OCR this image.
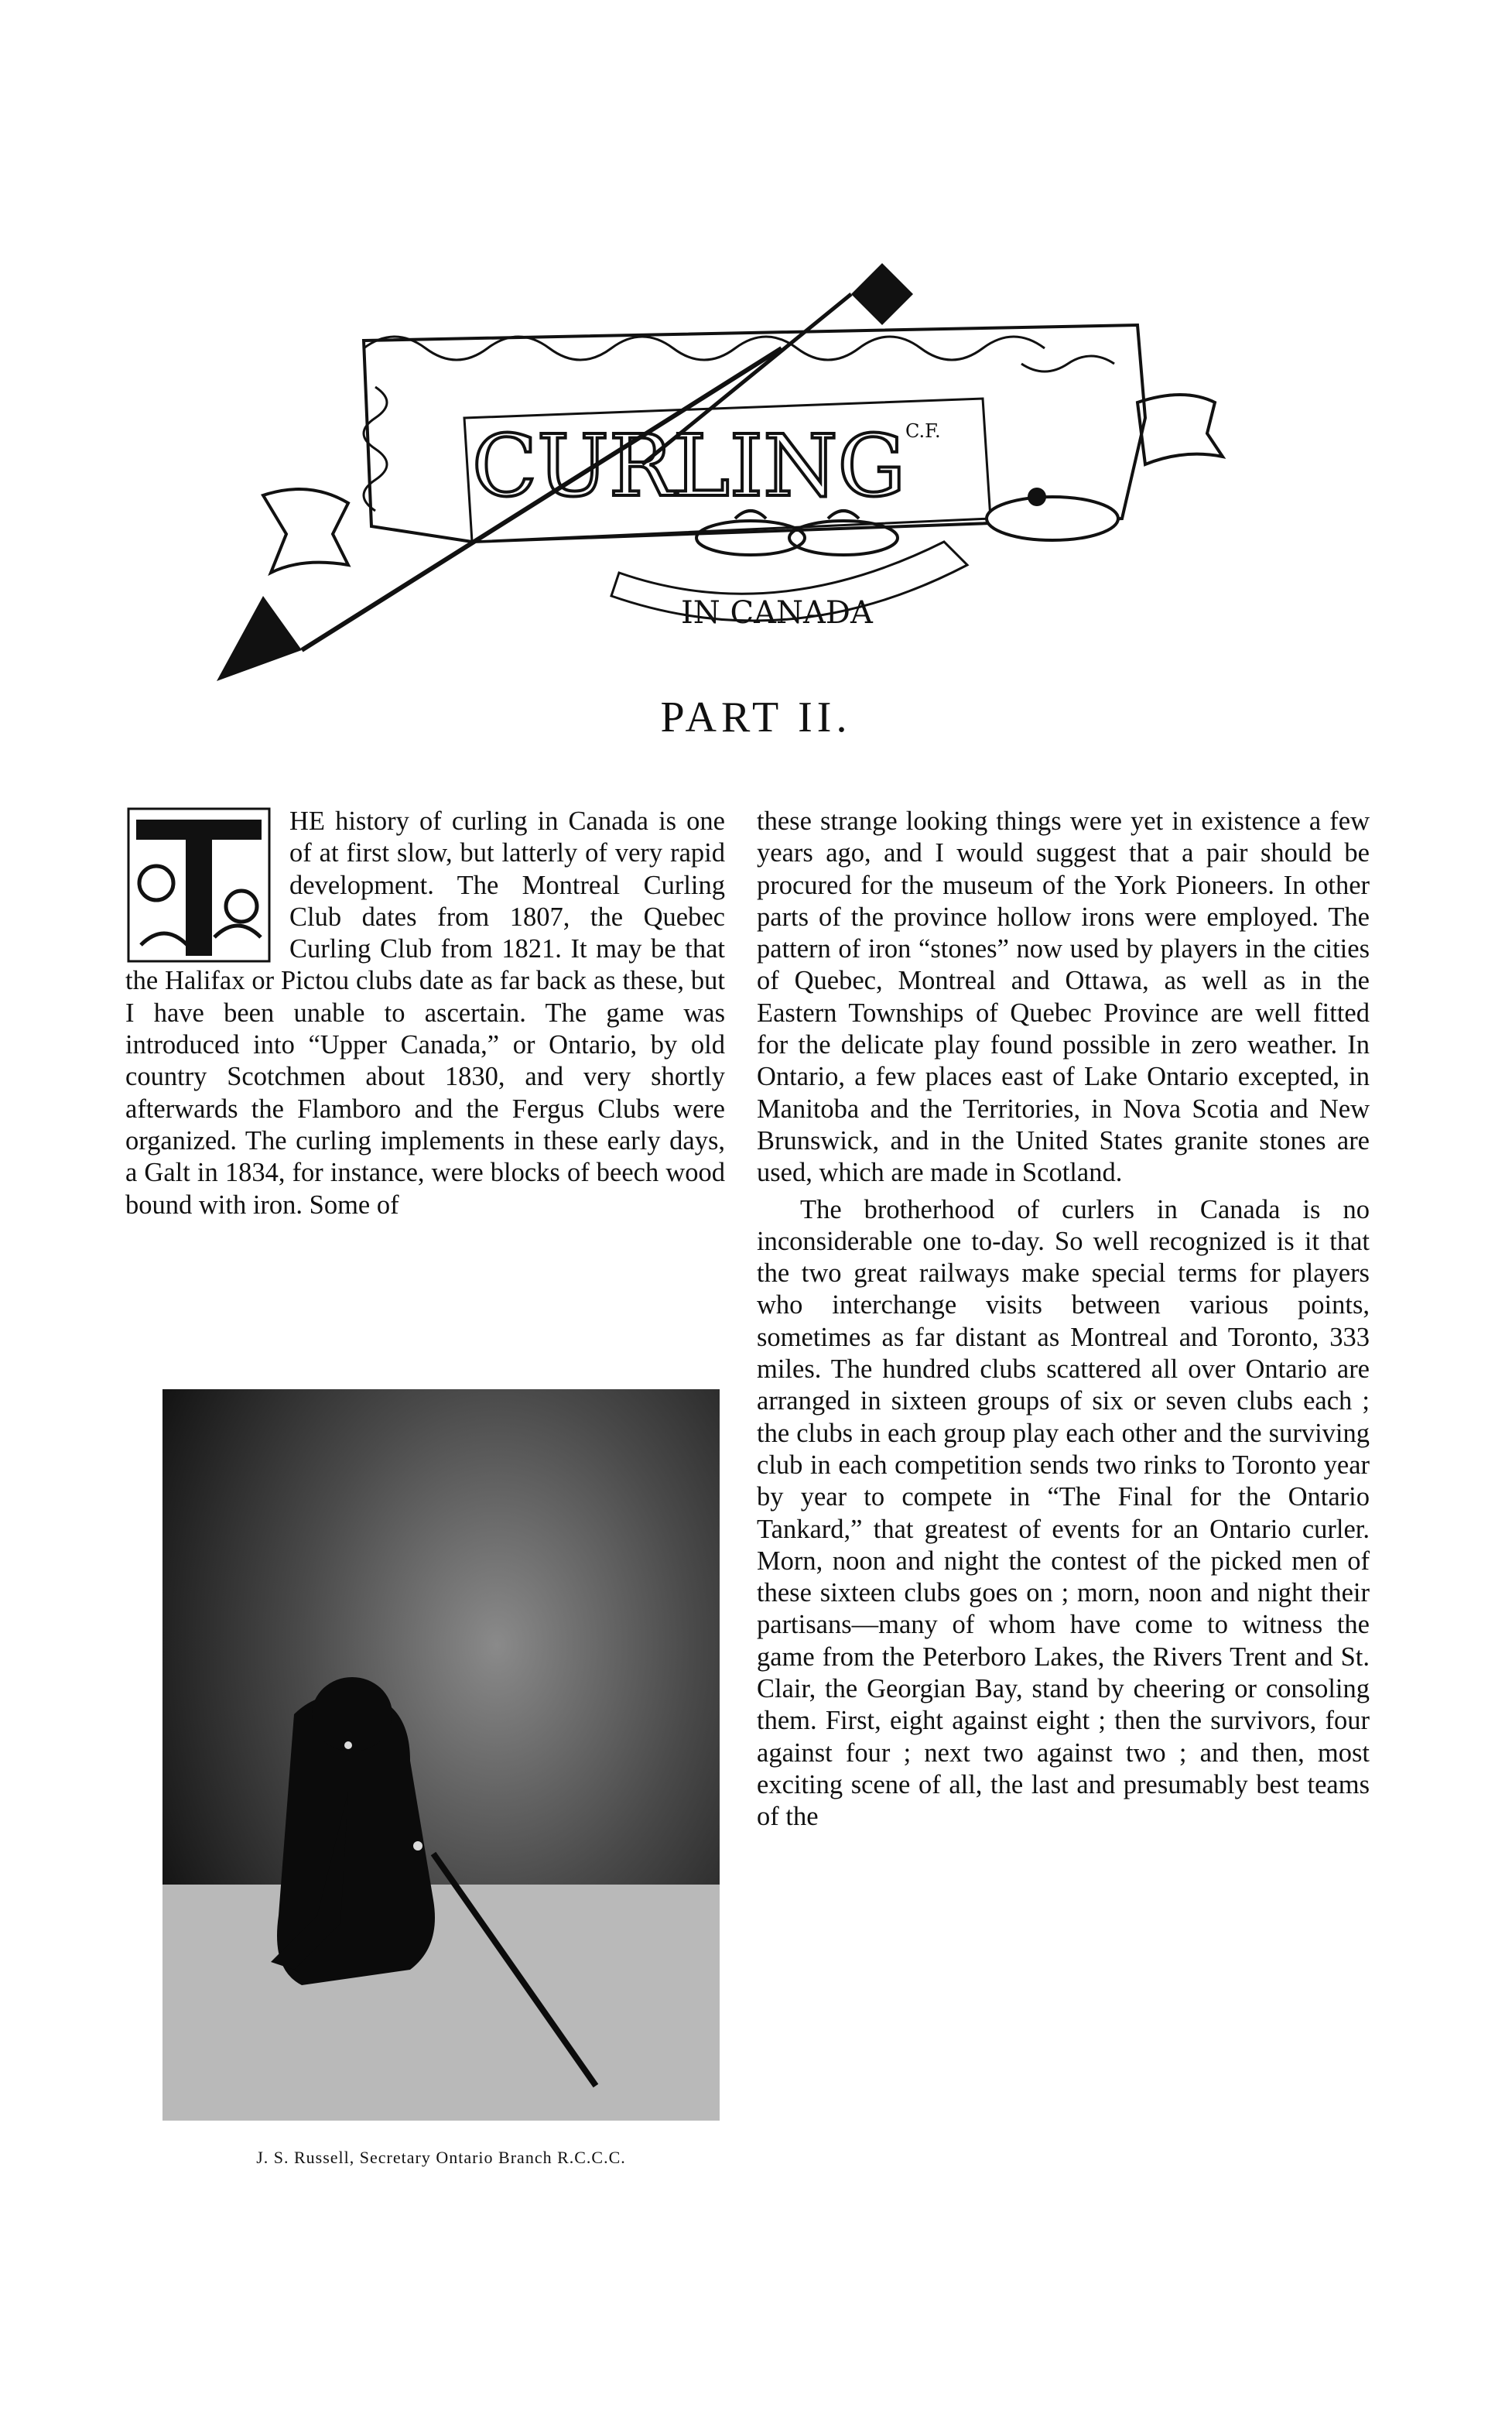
CURLING C.F.
IN CANADA
PART II.
T	HE history of curling in Canada is one of at first slow, but latterly of very rapid development. The Montreal Curling Club dates from 1807, the Quebec Curling Club from 1821. It may be that the Halifax or Pictou clubs date as far back as these, but I have been unable to ascertain. The game was introduced into “Upper Canada,” or Ontario, by old country Scotchmen about 1830, and very shortly afterwards the Flamboro and the Fergus Clubs were organized. The curling implements in these early days, a Galt in 1834, for instance, were blocks of beech wood bound with iron. Some of

these strange looking things were yet in existence a few years ago, and I would suggest that a pair should be procured for the museum of the York Pioneers. In other parts of the province hollow irons were employed. The pattern of iron “stones” now used by players in the cities of Quebec, Montreal and Ottawa, as well as in the Eastern Townships of Quebec Province are well fitted for the delicate play found possible in zero weather. In Ontario, a few places east of Lake Ontario excepted, in Manitoba and the Territories, in Nova Scotia and New Brunswick, and in the United States granite stones are used, which are made in Scotland.

The brotherhood of curlers in Canada is no inconsiderable one to-day. So well recognized is it that the two great railways make special terms for players who interchange visits between various points, sometimes as far distant as Montreal and Toronto, 333 miles. The hundred clubs scattered all over Ontario are arranged in sixteen groups of six or seven clubs each ; the clubs in each group play each other and the surviving club in each competition sends two rinks to Toronto year by year to compete in “The Final for the Ontario Tankard,” that greatest of events for an Ontario curler. Morn, noon and night the contest of the picked men of these sixteen clubs goes on ; morn, noon and night their partisans—many of whom have come to witness the game from the Peterboro Lakes, the Rivers Trent and St. Clair, the Georgian Bay, stand by cheering or consoling them. First, eight against eight ; then the survivors, four against four ; next two against two ; and then, most exciting scene of all, the last and presumably best teams of the

J. S. Russell, Secretary Ontario Branch R.C.C.C.
